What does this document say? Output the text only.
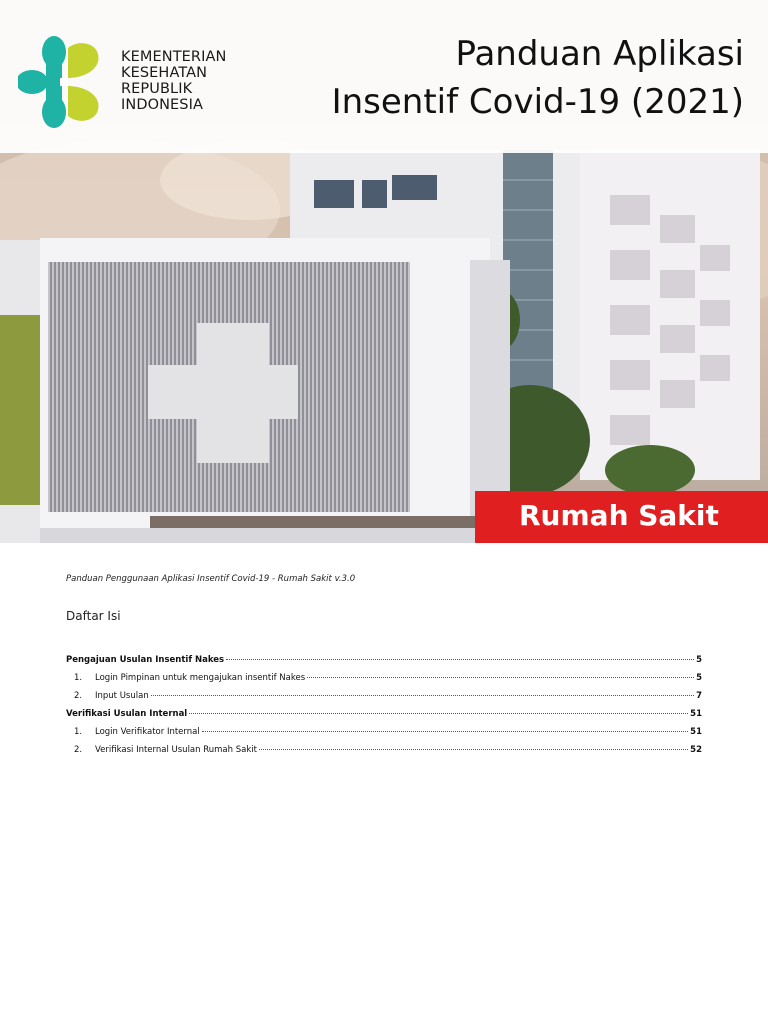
KEMENTERIAN
KESEHATAN
REPUBLIK
INDONESIA
Panduan Aplikasi
Insentif Covid-19 (2021)
Rumah Sakit
Panduan Penggunaan Aplikasi Insentif Covid-19 - Rumah Sakit v.3.0
Daftar Isi
Pengajuan Usulan Insentif Nakes	5
1.	Login Pimpinan untuk mengajukan insentif Nakes	5
2.	Input Usulan	7
Verifikasi Usulan Internal	51
1.	Login Verifikator Internal	51
2.	Verifikasi Internal Usulan Rumah Sakit	52
